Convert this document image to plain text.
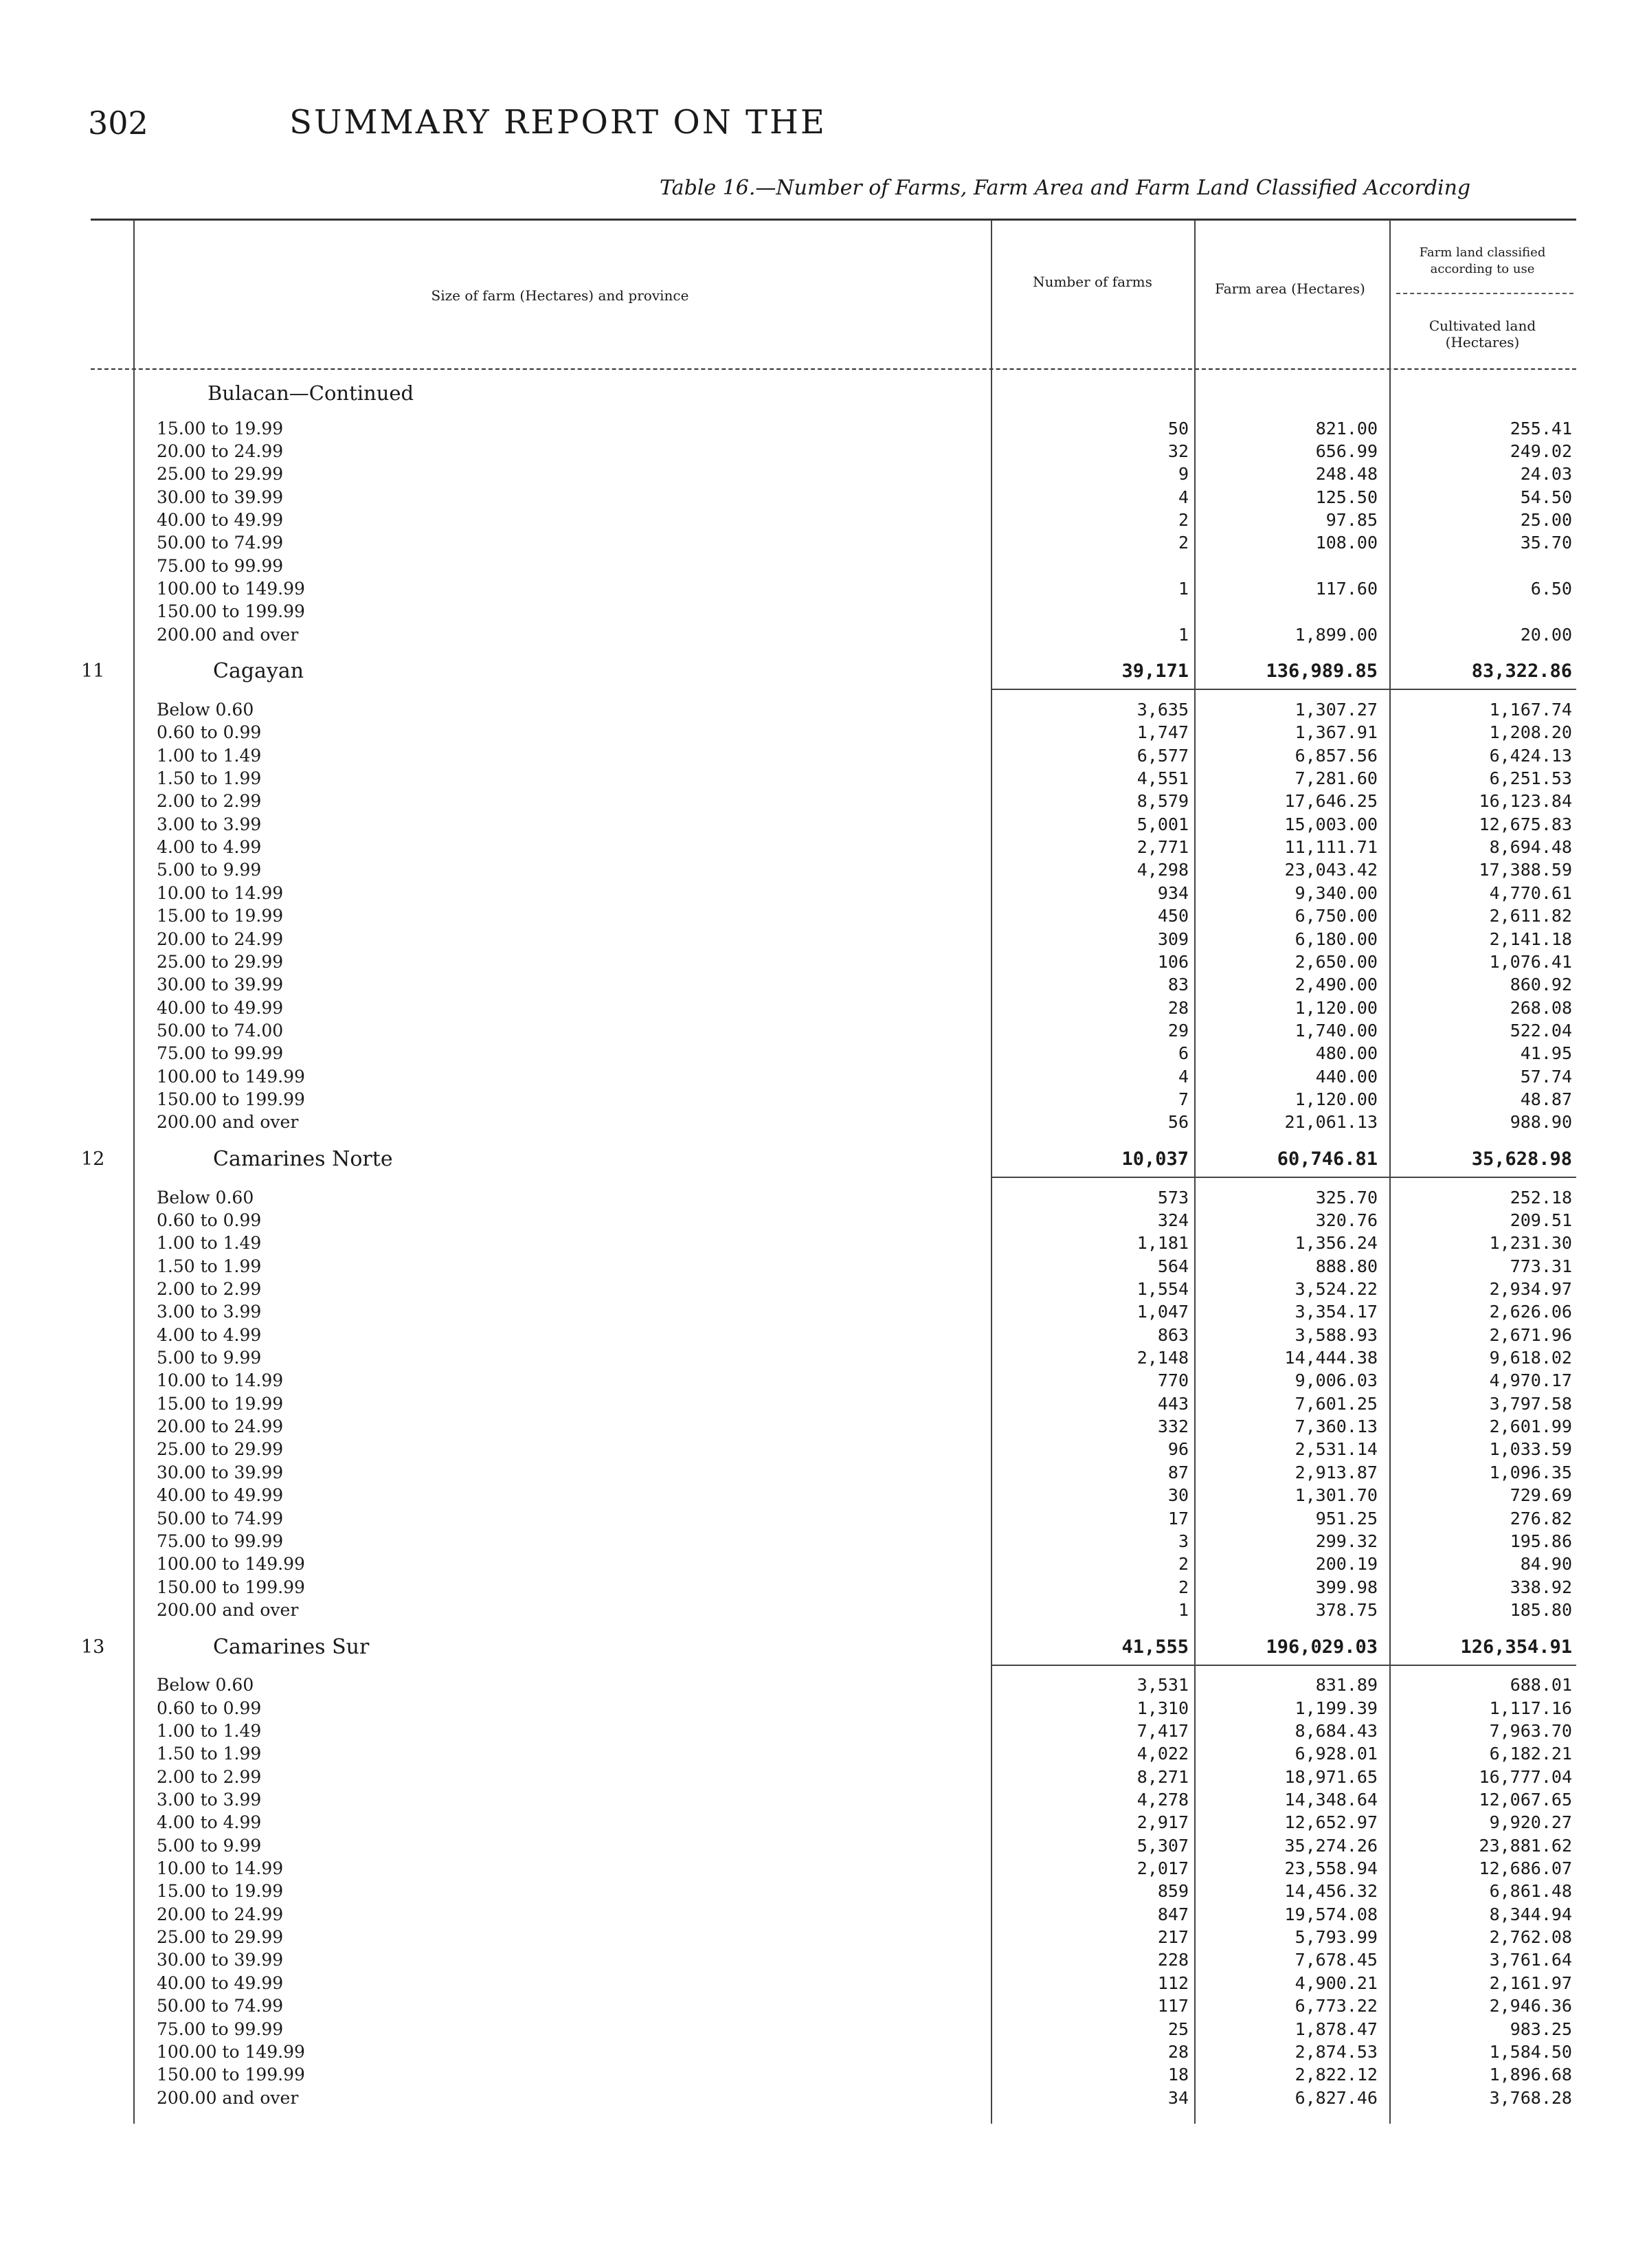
302	SUMMARY REPORT ON THE
Table 16.—Number of Farms, Farm Area and Farm Land Classified According
Size of farm (Hectares) and province
Number of farms	Farm area (Hectares)
Farm land classified according to use
Cultivated land (Hectares)
Bulacan—Continued
15.00 to 19.99 .....	50	821.00	255.41
20.00 to 24.99 .....	32	656.99	249.02
25.00 to 29.99 .....	9	248.48	24.03
30.00 to 39.99 .....	4	125.50	54.50
40.00 to 49.99 .....	2	97.85	25.00
50.00 to 74.99 .....	2	108.00	35.70
75.00 to 99.99 .....
100.00 to 149.99 .....	1	117.60	6.50
150.00 to 199.99 .....
200.00 and over .....	1	1,899.00	20.00
11	Cagayan .....	39,171	136,989.85	83,322.86
Below 0.60 .....	3,635	1,307.27	1,167.74
0.60 to 0.99 .....	1,747	1,367.91	1,208.20
1.00 to 1.49 .....	6,577	6,857.56	6,424.13
1.50 to 1.99 .....	4,551	7,281.60	6,251.53
2.00 to 2.99 .....	8,579	17,646.25	16,123.84
3.00 to 3.99 .....	5,001	15,003.00	12,675.83
4.00 to 4.99 .....	2,771	11,111.71	8,694.48
5.00 to 9.99 .....	4,298	23,043.42	17,388.59
10.00 to 14.99 .....	934	9,340.00	4,770.61
15.00 to 19.99 .....	450	6,750.00	2,611.82
20.00 to 24.99 .....	309	6,180.00	2,141.18
25.00 to 29.99 .....	106	2,650.00	1,076.41
30.00 to 39.99 .....	83	2,490.00	860.92
40.00 to 49.99 .....	28	1,120.00	268.08
50.00 to 74.00 .....	29	1,740.00	522.04
75.00 to 99.99 .....	6	480.00	41.95
100.00 to 149.99 .....	4	440.00	57.74
150.00 to 199.99 .....	7	1,120.00	48.87
200.00 and over .....	56	21,061.13	988.90
12	Camarines Norte .....	10,037	60,746.81	35,628.98
Below 0.60 .....	573	325.70	252.18
0.60 to 0.99 .....	324	320.76	209.51
1.00 to 1.49 .....	1,181	1,356.24	1,231.30
1.50 to 1.99 .....	564	888.80	773.31
2.00 to 2.99 .....	1,554	3,524.22	2,934.97
3.00 to 3.99 .....	1,047	3,354.17	2,626.06
4.00 to 4.99 .....	863	3,588.93	2,671.96
5.00 to 9.99 .....	2,148	14,444.38	9,618.02
10.00 to 14.99 .....	770	9,006.03	4,970.17
15.00 to 19.99 .....	443	7,601.25	3,797.58
20.00 to 24.99 .....	332	7,360.13	2,601.99
25.00 to 29.99 .....	96	2,531.14	1,033.59
30.00 to 39.99 .....	87	2,913.87	1,096.35
40.00 to 49.99 .....	30	1,301.70	729.69
50.00 to 74.99 .....	17	951.25	276.82
75.00 to 99.99 .....	3	299.32	195.86
100.00 to 149.99 .....	2	200.19	84.90
150.00 to 199.99 .....	2	399.98	338.92
200.00 and over .....	1	378.75	185.80
13	Camarines Sur .....	41,555	196,029.03	126,354.91
Below 0.60 .....	3,531	831.89	688.01
0.60 to 0.99 .....	1,310	1,199.39	1,117.16
1.00 to 1.49 .....	7,417	8,684.43	7,963.70
1.50 to 1.99 .....	4,022	6,928.01	6,182.21
2.00 to 2.99 .....	8,271	18,971.65	16,777.04
3.00 to 3.99 .....	4,278	14,348.64	12,067.65
4.00 to 4.99 .....	2,917	12,652.97	9,920.27
5.00 to 9.99 .....	5,307	35,274.26	23,881.62
10.00 to 14.99 .....	2,017	23,558.94	12,686.07
15.00 to 19.99 .....	859	14,456.32	6,861.48
20.00 to 24.99 .....	847	19,574.08	8,344.94
25.00 to 29.99 .....	217	5,793.99	2,762.08
30.00 to 39.99 .....	228	7,678.45	3,761.64
40.00 to 49.99 .....	112	4,900.21	2,161.97
50.00 to 74.99 .....	117	6,773.22	2,946.36
75.00 to 99.99 .....	25	1,878.47	983.25
100.00 to 149.99 .....	28	2,874.53	1,584.50
150.00 to 199.99 .....	18	2,822.12	1,896.68
200.00 and over .....	34	6,827.46	3,768.28
